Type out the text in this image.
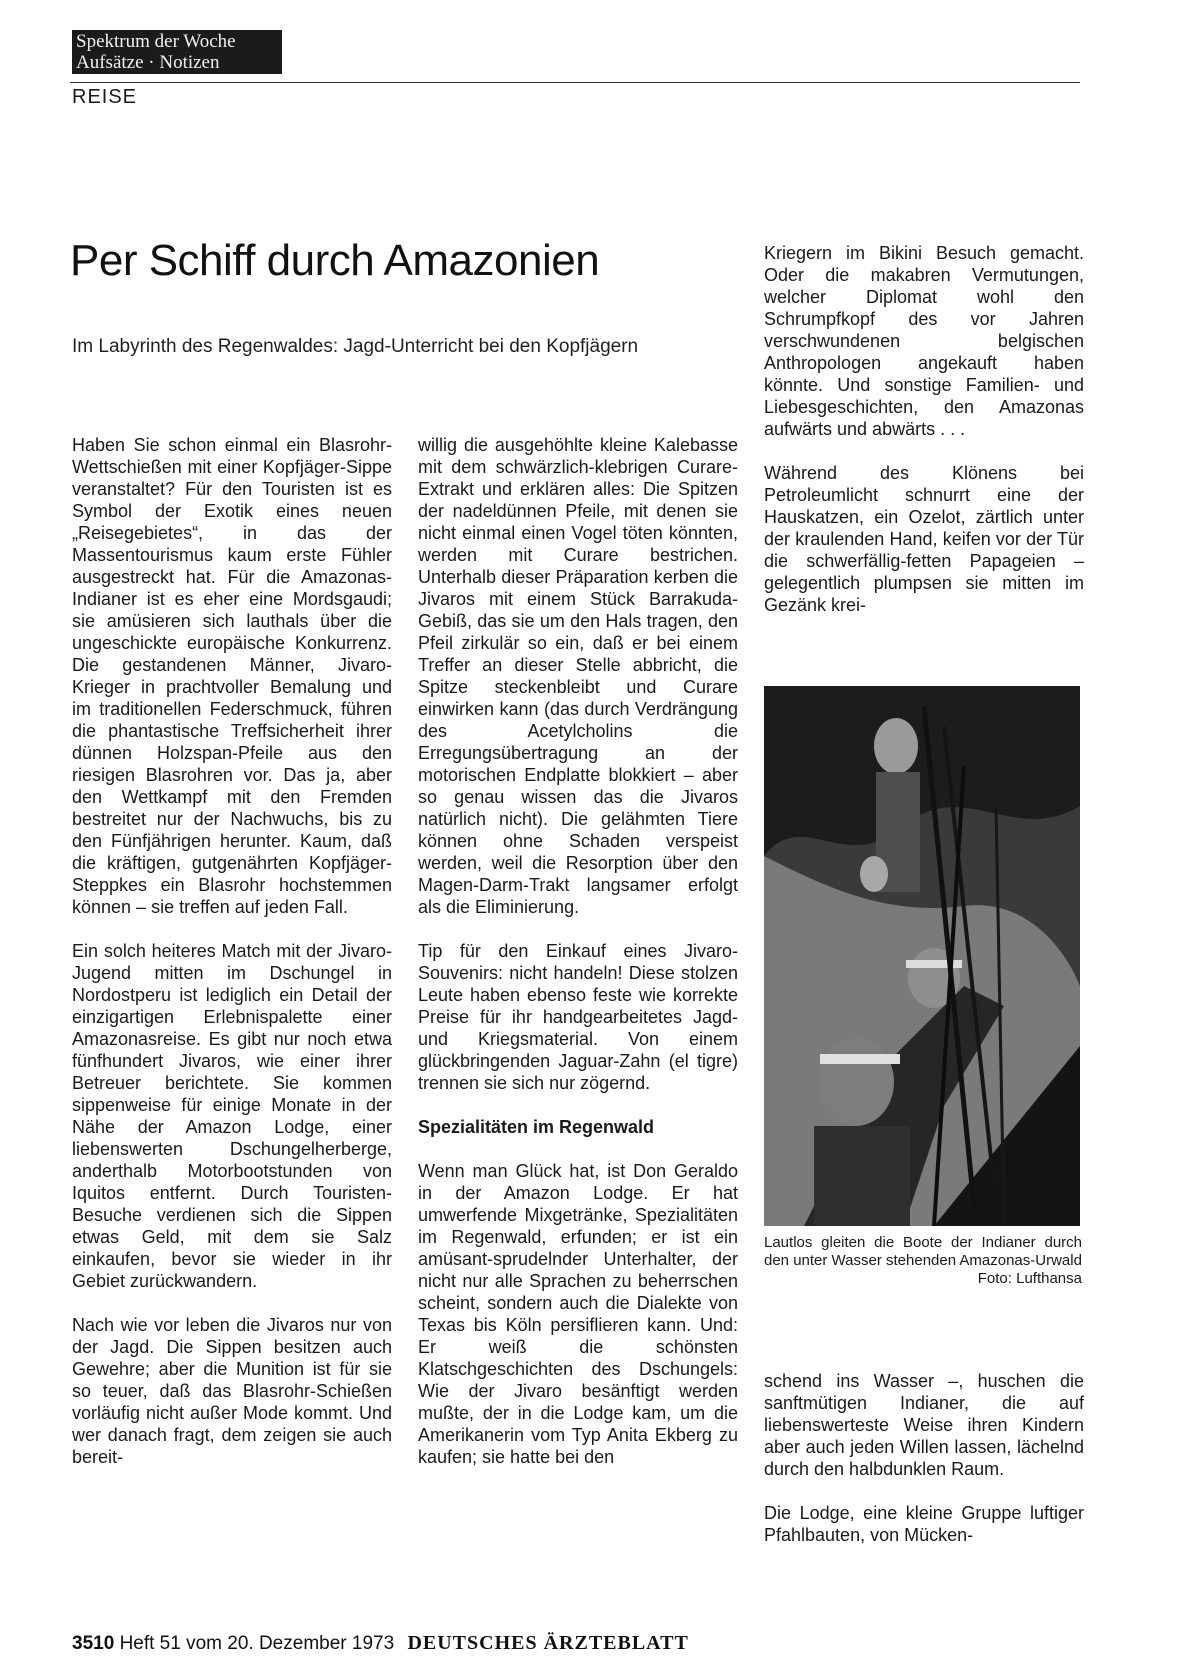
Spektrum der Woche
Aufsätze · Notizen
REISE
Per Schiff durch Amazonien

Im Labyrinth des Regenwaldes: Jagd-Unterricht bei den Kopfjägern

Haben Sie schon einmal ein Blasrohr-Wettschießen mit einer Kopfjäger-Sippe veranstaltet? Für den Touristen ist es Symbol der Exotik eines neuen „Reisegebietes“, in das der Massentourismus kaum erste Fühler ausgestreckt hat. Für die Amazonas-Indianer ist es eher eine Mordsgaudi; sie amüsieren sich lauthals über die ungeschickte europäische Konkurrenz. Die gestandenen Männer, Jivaro-Krieger in prachtvoller Bemalung und im traditionellen Federschmuck, führen die phantastische Treffsicherheit ihrer dünnen Holzspan-Pfeile aus den riesigen Blasrohren vor. Das ja, aber den Wettkampf mit den Fremden bestreitet nur der Nachwuchs, bis zu den Fünfjährigen herunter. Kaum, daß die kräftigen, gutgenährten Kopfjäger-Steppkes ein Blasrohr hochstemmen können – sie treffen auf jeden Fall.

Ein solch heiteres Match mit der Jivaro-Jugend mitten im Dschungel in Nordostperu ist lediglich ein Detail der einzigartigen Erlebnispalette einer Amazonasreise. Es gibt nur noch etwa fünfhundert Jivaros, wie einer ihrer Betreuer berichtete. Sie kommen sippenweise für einige Monate in der Nähe der Amazon Lodge, einer liebenswerten Dschungelherberge, anderthalb Motorbootstunden von Iquitos entfernt. Durch Touristen-Besuche verdienen sich die Sippen etwas Geld, mit dem sie Salz einkaufen, bevor sie wieder in ihr Gebiet zurückwandern.

Nach wie vor leben die Jivaros nur von der Jagd. Die Sippen besitzen auch Gewehre; aber die Munition ist für sie so teuer, daß das Blasrohr-Schießen vorläufig nicht außer Mode kommt. Und wer danach fragt, dem zeigen sie auch bereit-

willig die ausgehöhlte kleine Kalebasse mit dem schwärzlich-klebrigen Curare-Extrakt und erklären alles: Die Spitzen der nadeldünnen Pfeile, mit denen sie nicht einmal einen Vogel töten könnten, werden mit Curare bestrichen. Unterhalb dieser Präparation kerben die Jivaros mit einem Stück Barrakuda-Gebiß, das sie um den Hals tragen, den Pfeil zirkulär so ein, daß er bei einem Treffer an dieser Stelle abbricht, die Spitze steckenbleibt und Curare einwirken kann (das durch Verdrängung des Acetylcholins die Erregungsübertragung an der motorischen Endplatte blokkiert – aber so genau wissen das die Jivaros natürlich nicht). Die gelähmten Tiere können ohne Schaden verspeist werden, weil die Resorption über den Magen-Darm-Trakt langsamer erfolgt als die Eliminierung.

Tip für den Einkauf eines Jivaro-Souvenirs: nicht handeln! Diese stolzen Leute haben ebenso feste wie korrekte Preise für ihr handgearbeitetes Jagd- und Kriegsmaterial. Von einem glückbringenden Jaguar-Zahn (el tigre) trennen sie sich nur zögernd.

Spezialitäten im Regenwald

Wenn man Glück hat, ist Don Geraldo in der Amazon Lodge. Er hat umwerfende Mixgetränke, Spezialitäten im Regenwald, erfunden; er ist ein amüsant-sprudelnder Unterhalter, der nicht nur alle Sprachen zu beherrschen scheint, sondern auch die Dialekte von Texas bis Köln persiflieren kann. Und: Er weiß die schönsten Klatschgeschichten des Dschungels: Wie der Jivaro besänftigt werden mußte, der in die Lodge kam, um die Amerikanerin vom Typ Anita Ekberg zu kaufen; sie hatte bei den

Kriegern im Bikini Besuch gemacht. Oder die makabren Vermutungen, welcher Diplomat wohl den Schrumpfkopf des vor Jahren verschwundenen belgischen Anthropologen angekauft haben könnte. Und sonstige Familien- und Liebesgeschichten, den Amazonas aufwärts und abwärts . . .

Während des Klönens bei Petroleumlicht schnurrt eine der Hauskatzen, ein Ozelot, zärtlich unter der kraulenden Hand, keifen vor der Tür die schwerfällig-fetten Papageien – gelegentlich plumpsen sie mitten im Gezänk krei-

Lautlos gleiten die Boote der Indianer durch den unter Wasser stehenden Amazonas-Urwald
Foto: Lufthansa

schend ins Wasser –, huschen die sanftmütigen Indianer, die auf liebenswerteste Weise ihren Kindern aber auch jeden Willen lassen, lächelnd durch den halbdunklen Raum.

Die Lodge, eine kleine Gruppe luftiger Pfahlbauten, von Mücken-

3510 Heft 51 vom 20. Dezember 1973 DEUTSCHES ÄRZTEBLATT
